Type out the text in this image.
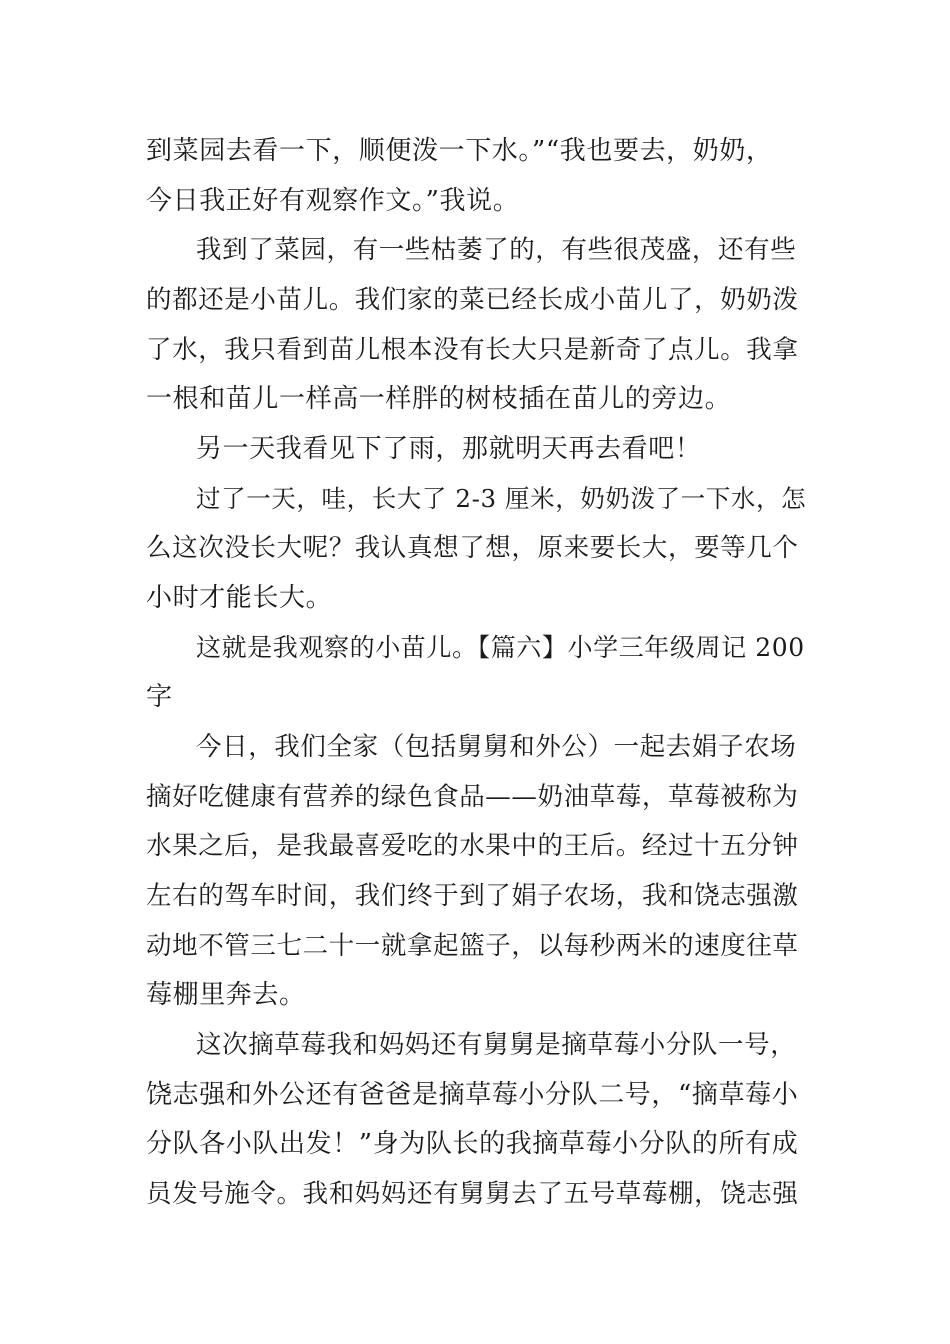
到菜园去看一下，顺便泼一下水。”“我也要去，奶奶，
今日我正好有观察作文。”我说。
我到了菜园，有一些枯萎了的，有些很茂盛，还有些
的都还是小苗儿。我们家的菜已经长成小苗儿了，奶奶泼
了水，我只看到苗儿根本没有长大只是新奇了点儿。我拿
一根和苗儿一样高一样胖的树枝插在苗儿的旁边。
另一天我看见下了雨，那就明天再去看吧！
过了一天，哇，长大了 2-3 厘米，奶奶泼了一下水，怎
么这次没长大呢？我认真想了想，原来要长大，要等几个
小时才能长大。
这就是我观察的小苗儿。【篇六】小学三年级周记 200
字
今日，我们全家（包括舅舅和外公）一起去娟子农场
摘好吃健康有营养的绿色食品——奶油草莓，草莓被称为
水果之后，是我最喜爱吃的水果中的王后。经过十五分钟
左右的驾车时间，我们终于到了娟子农场，我和饶志强激
动地不管三七二十一就拿起篮子，以每秒两米的速度往草
莓棚里奔去。
这次摘草莓我和妈妈还有舅舅是摘草莓小分队一号，
饶志强和外公还有爸爸是摘草莓小分队二号，“摘草莓小
分队各小队出发！”身为队长的我摘草莓小分队的所有成
员发号施令。我和妈妈还有舅舅去了五号草莓棚，饶志强
